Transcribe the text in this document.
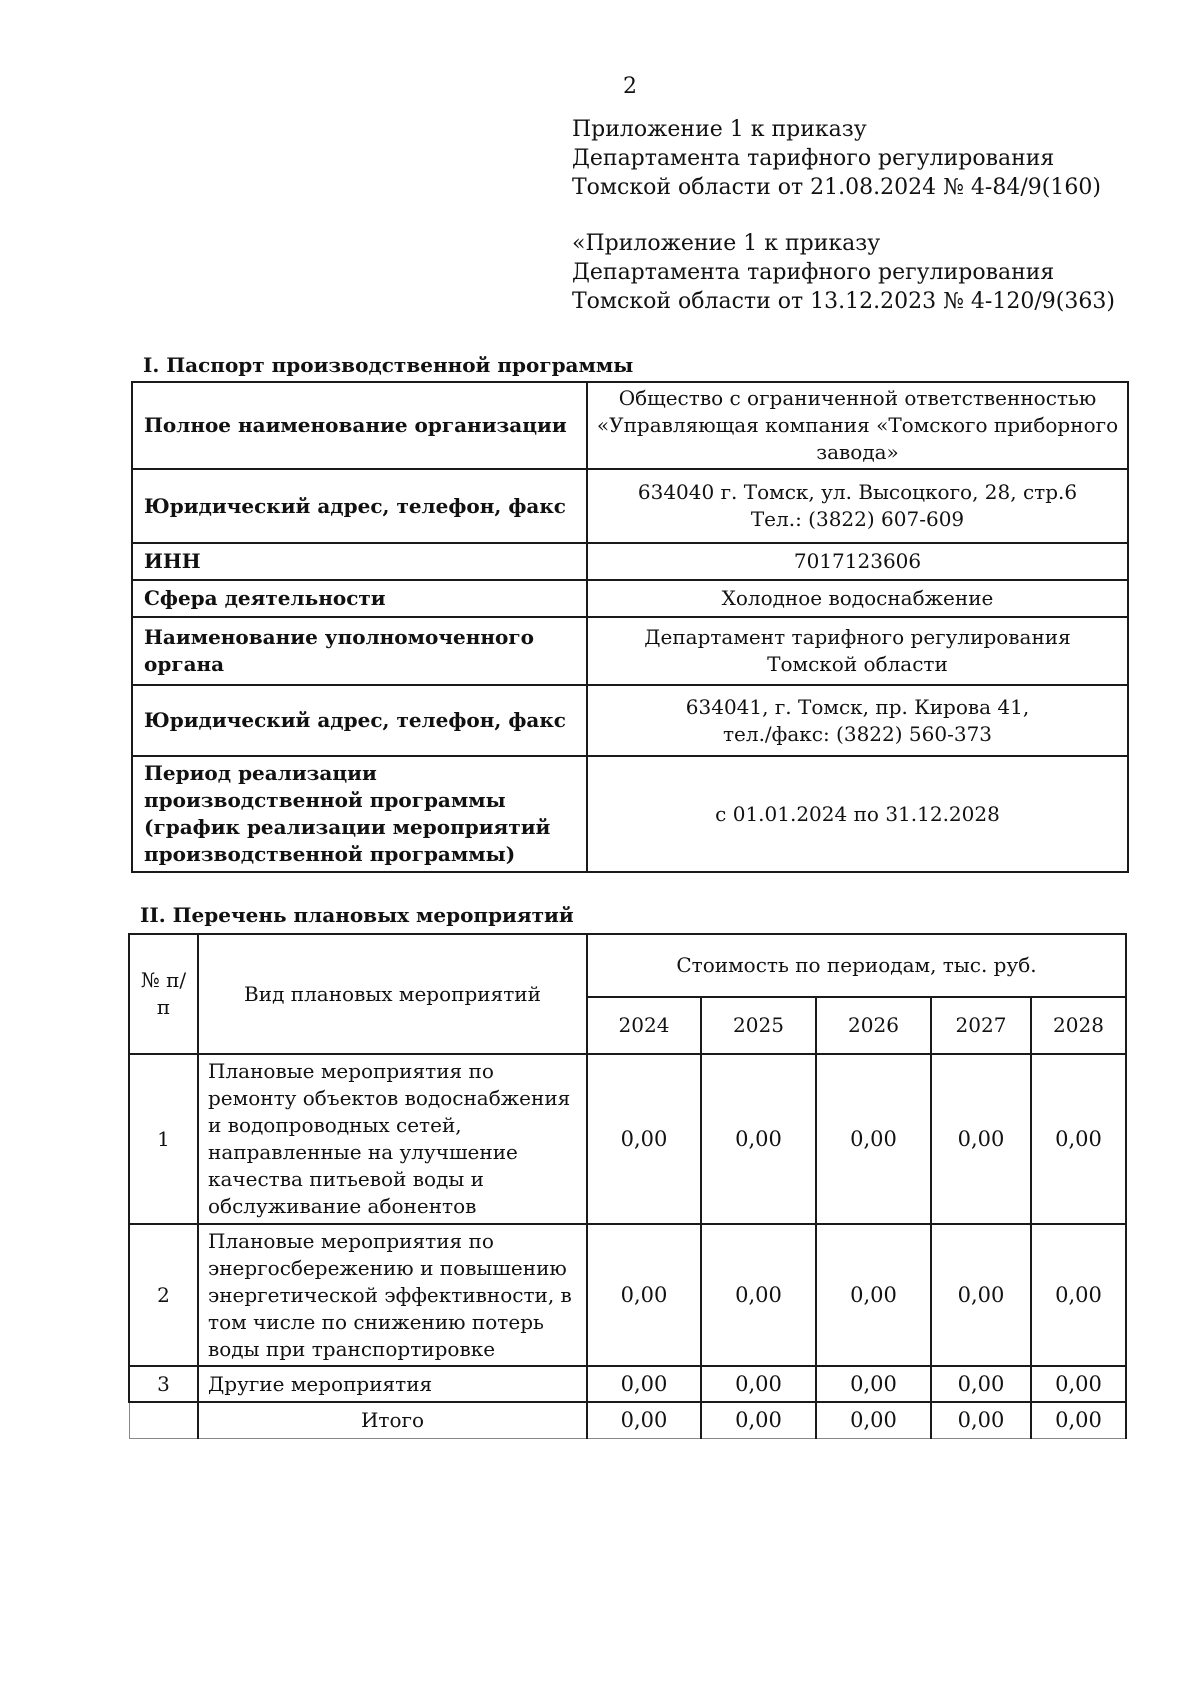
2
Приложение 1 к приказу
Департамента тарифного регулирования
Томской области от 21.08.2024 № 4-84/9(160)
«Приложение 1 к приказу
Департамента тарифного регулирования
Томской области от 13.12.2023 № 4-120/9(363)
I. Паспорт производственной программы
Полное наименование организации	Общество с ограниченной ответственностью «Управляющая компания «Томского приборного завода»
Юридический адрес, телефон, факс	634040 г. Томск, ул. Высоцкого, 28, стр.6
Тел.: (3822) 607-609

ИНН	7017123606
Сфера деятельности	Холодное водоснабжение
Наименование уполномоченного органа	Департамент тарифного регулирования
Томской области

Юридический адрес, телефон, факс	634041, г. Томск, пр. Кирова 41,
тел./факс: (3822) 560-373

Период реализации производственной программы (график реализации мероприятий производственной программы)	с 01.01.2024 по 31.12.2028
II. Перечень плановых мероприятий
№ п/п	Вид плановых мероприятий	Стоимость по периодам, тыс. руб.				
		2024	2025	2026	2027	2028
1	Плановые мероприятия по ремонту объектов водоснабжения и водопроводных сетей, направленные на улучшение качества питьевой воды и обслуживание абонентов	0,00	0,00	0,00	0,00	0,00
2	Плановые мероприятия по энергосбережению и повышению энергетической эффективности, в том числе по снижению потерь воды при транспортировке	0,00	0,00	0,00	0,00	0,00
3	Другие мероприятия	0,00	0,00	0,00	0,00	0,00
	Итого	0,00	0,00	0,00	0,00	0,00
